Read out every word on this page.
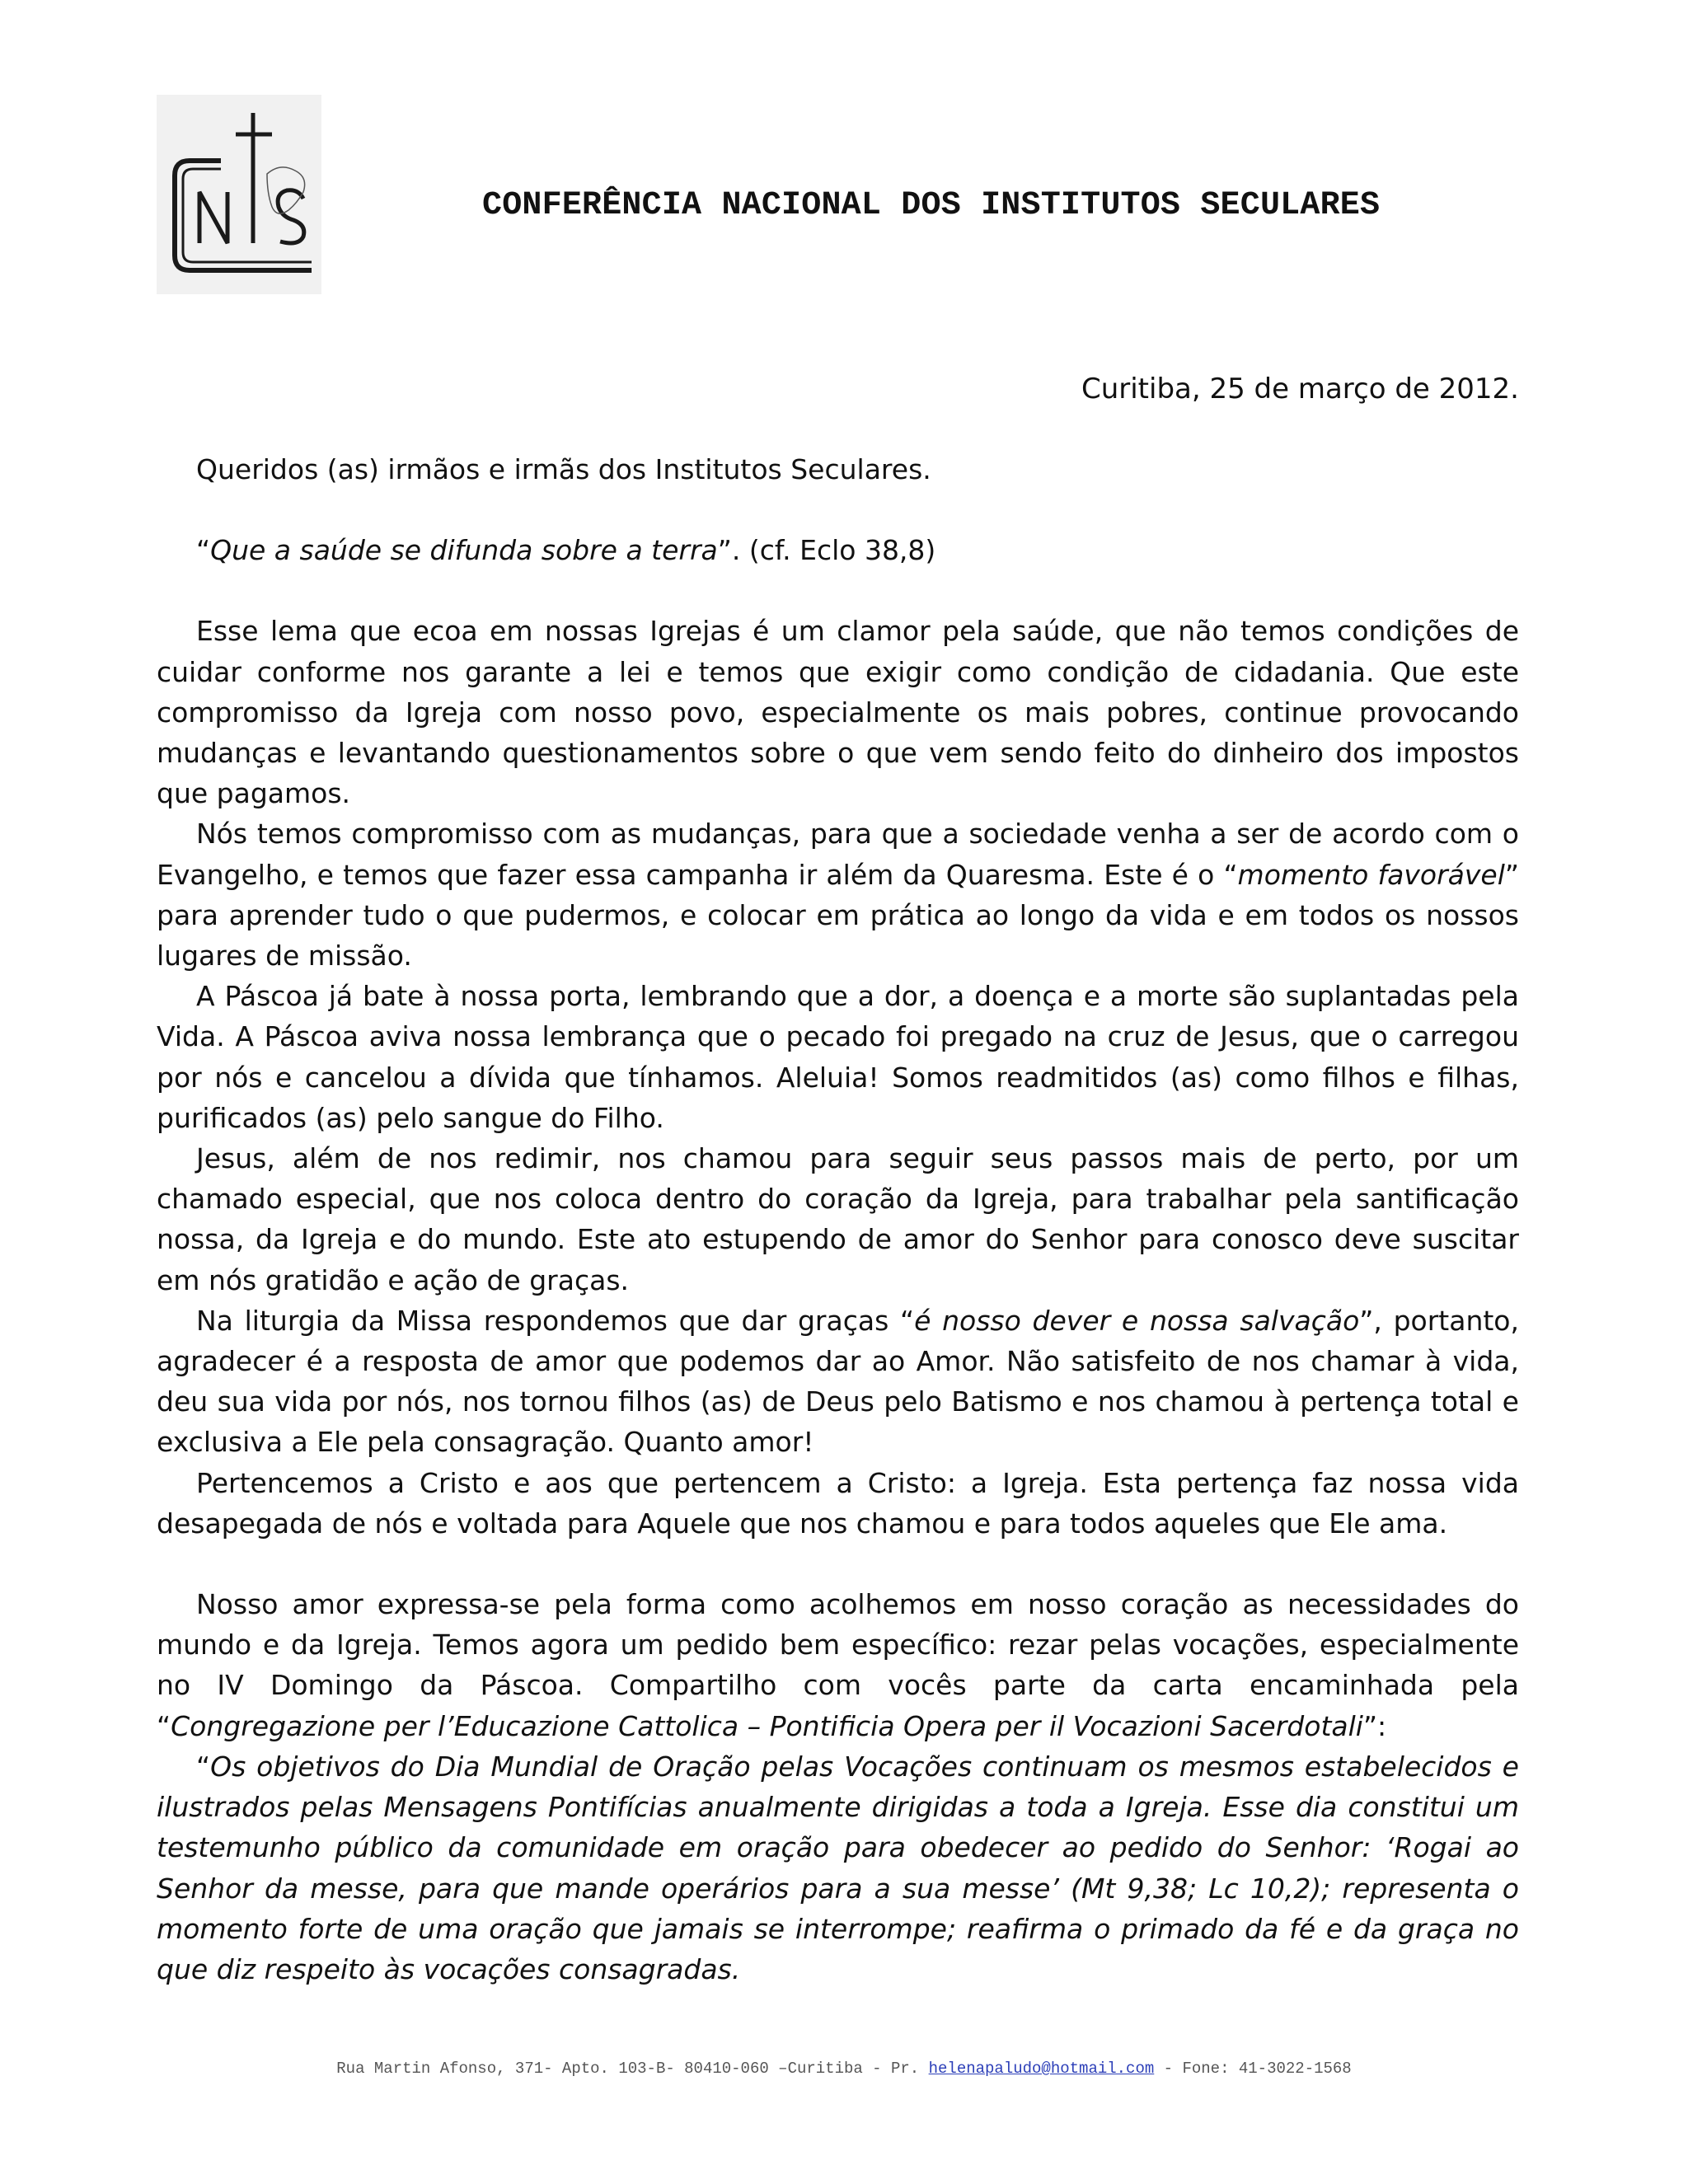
CONFERÊNCIA NACIONAL DOS INSTITUTOS SECULARES
Curitiba, 25 de março de 2012.

Queridos (as) irmãos e irmãs dos Institutos Seculares.

“Que a saúde se difunda sobre a terra”. (cf. Eclo 38,8)

Esse lema que ecoa em nossas Igrejas é um clamor pela saúde, que não temos condições de cuidar conforme nos garante a lei e temos que exigir como condição de cidadania. Que este compromisso da Igreja com nosso povo, especialmente os mais pobres, continue provocando mudanças e levantando questionamentos sobre o que vem sendo feito do dinheiro dos impostos que pagamos.

Nós temos compromisso com as mudanças, para que a sociedade venha a ser de acordo com o Evangelho, e temos que fazer essa campanha ir além da Quaresma. Este é o “momento favorável” para aprender tudo o que pudermos, e colocar em prática ao longo da vida e em todos os nossos lugares de missão.

A Páscoa já bate à nossa porta, lembrando que a dor, a doença e a morte são suplantadas pela Vida. A Páscoa aviva nossa lembrança que o pecado foi pregado na cruz de Jesus, que o carregou por nós e cancelou a dívida que tínhamos. Aleluia! Somos readmitidos (as) como filhos e filhas, purificados (as) pelo sangue do Filho.

Jesus, além de nos redimir, nos chamou para seguir seus passos mais de perto, por um chamado especial, que nos coloca dentro do coração da Igreja, para trabalhar pela santificação nossa, da Igreja e do mundo. Este ato estupendo de amor do Senhor para conosco deve suscitar em nós gratidão e ação de graças.

Na liturgia da Missa respondemos que dar graças “é nosso dever e nossa salvação”, portanto, agradecer é a resposta de amor que podemos dar ao Amor. Não satisfeito de nos chamar à vida, deu sua vida por nós, nos tornou filhos (as) de Deus pelo Batismo e nos chamou à pertença total e exclusiva a Ele pela consagração. Quanto amor!

Pertencemos a Cristo e aos que pertencem a Cristo: a Igreja. Esta pertença faz nossa vida desapegada de nós e voltada para Aquele que nos chamou e para todos aqueles que Ele ama.

Nosso amor expressa-se pela forma como acolhemos em nosso coração as necessidades do mundo e da Igreja. Temos agora um pedido bem específico: rezar pelas vocações, especialmente no IV Domingo da Páscoa. Compartilho com vocês parte da carta encaminhada pela “Congregazione per l’Educazione Cattolica – Pontificia Opera per il Vocazioni Sacerdotali”:

“Os objetivos do Dia Mundial de Oração pelas Vocações continuam os mesmos estabelecidos e ilustrados pelas Mensagens Pontifícias anualmente dirigidas a toda a Igreja. Esse dia constitui um testemunho público da comunidade em oração para obedecer ao pedido do Senhor: ‘Rogai ao Senhor da messe, para que mande operários para a sua messe’ (Mt 9,38; Lc 10,2); representa o momento forte de uma oração que jamais se interrompe; reafirma o primado da fé e da graça no que diz respeito às vocações consagradas.

Rua Martin Afonso, 371- Apto. 103-B- 80410-060 –Curitiba - Pr. helenapaludo@hotmail.com - Fone: 41-3022-1568
